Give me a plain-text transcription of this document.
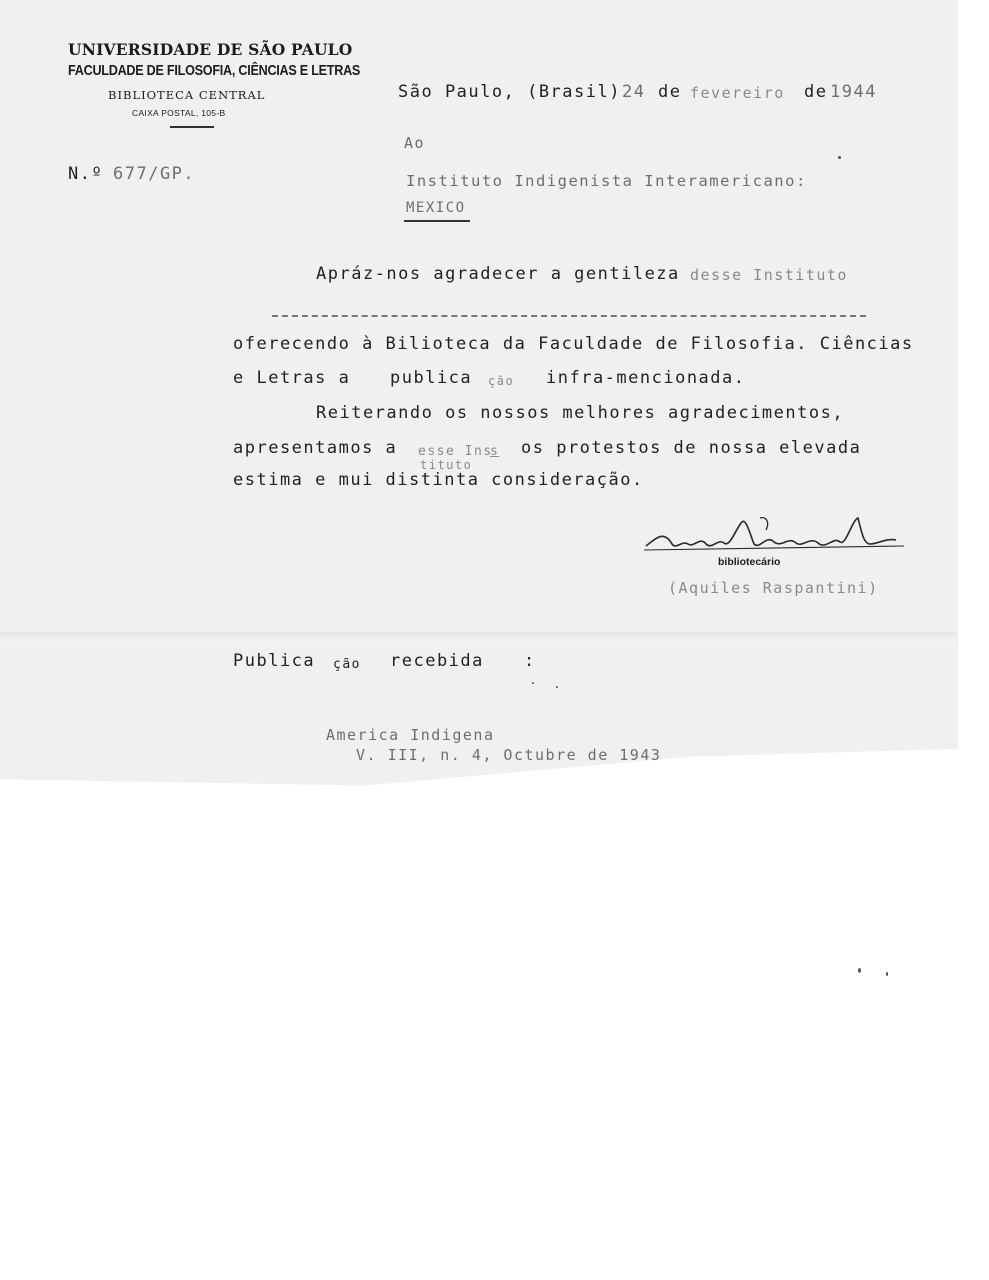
UNIVERSIDADE DE SÃO PAULO
FACULDADE DE FILOSOFIA, CIÊNCIAS E LETRAS
BIBLIOTECA CENTRAL
CAIXA POSTAL, 105-B
N.º 677/GP.
São Paulo, (Brasil) 24 de fevereiro de 1944
Ao
Instituto Indigenista Interamericano:
MEXICO
Apráz-nos agradecer a gentileza desse Instituto
oferecendo à Bilioteca da Faculdade de Filosofia. Ciências
e Letras a publica ção infra-mencionada.
Reiterando os nossos melhores agradecimentos,
apresentamos a esse Ins
s os protestos de nossa elevada
tituto
estima e mui distinta consideração.
bibliotecário
(Aquiles Raspantini)
Publica ção recebida :
America Indigena
V. III, n. 4, Octubre de 1943
